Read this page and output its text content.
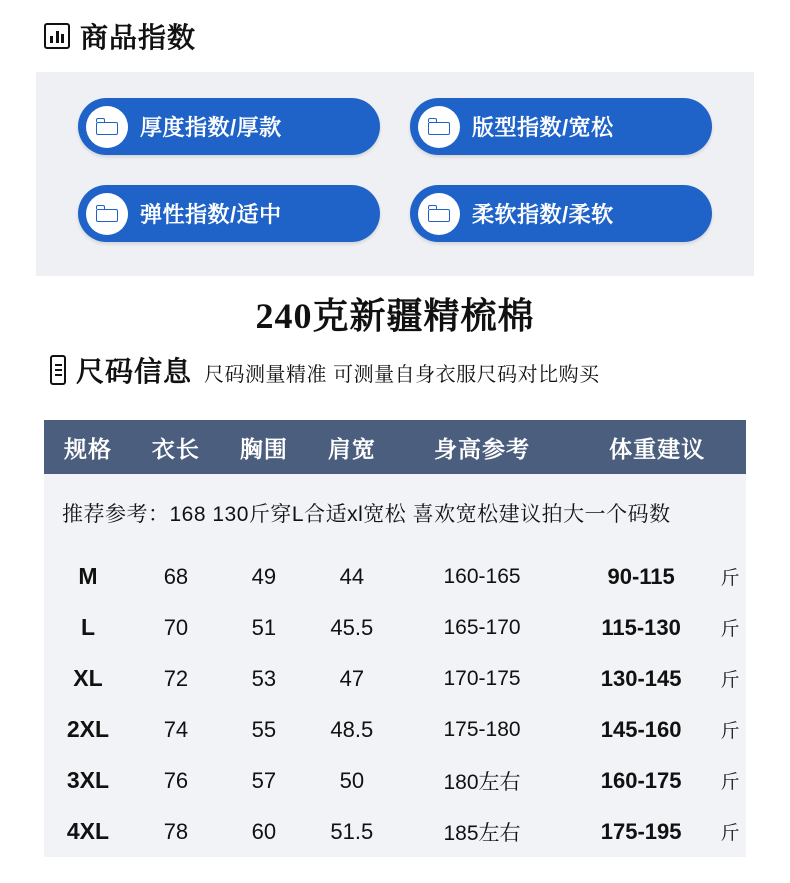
商品指数
厚度指数/厚款	版型指数/宽松
弹性指数/适中	柔软指数/柔软
240克新疆精梳棉
尺码信息 尺码测量精准 可测量自身衣服尺码对比购买
规格	衣长	胸围	肩宽	身高参考	体重建议	
推荐参考：168 130斤穿L合适xl宽松 喜欢宽松建议拍大一个码数						
M	68	49	44	160-165	90-115	斤
L	70	51	45.5	165-170	115-130	斤
XL	72	53	47	170-175	130-145	斤
2XL	74	55	48.5	175-180	145-160	斤
3XL	76	57	50	180左右	160-175	斤
4XL	78	60	51.5	185左右	175-195	斤
